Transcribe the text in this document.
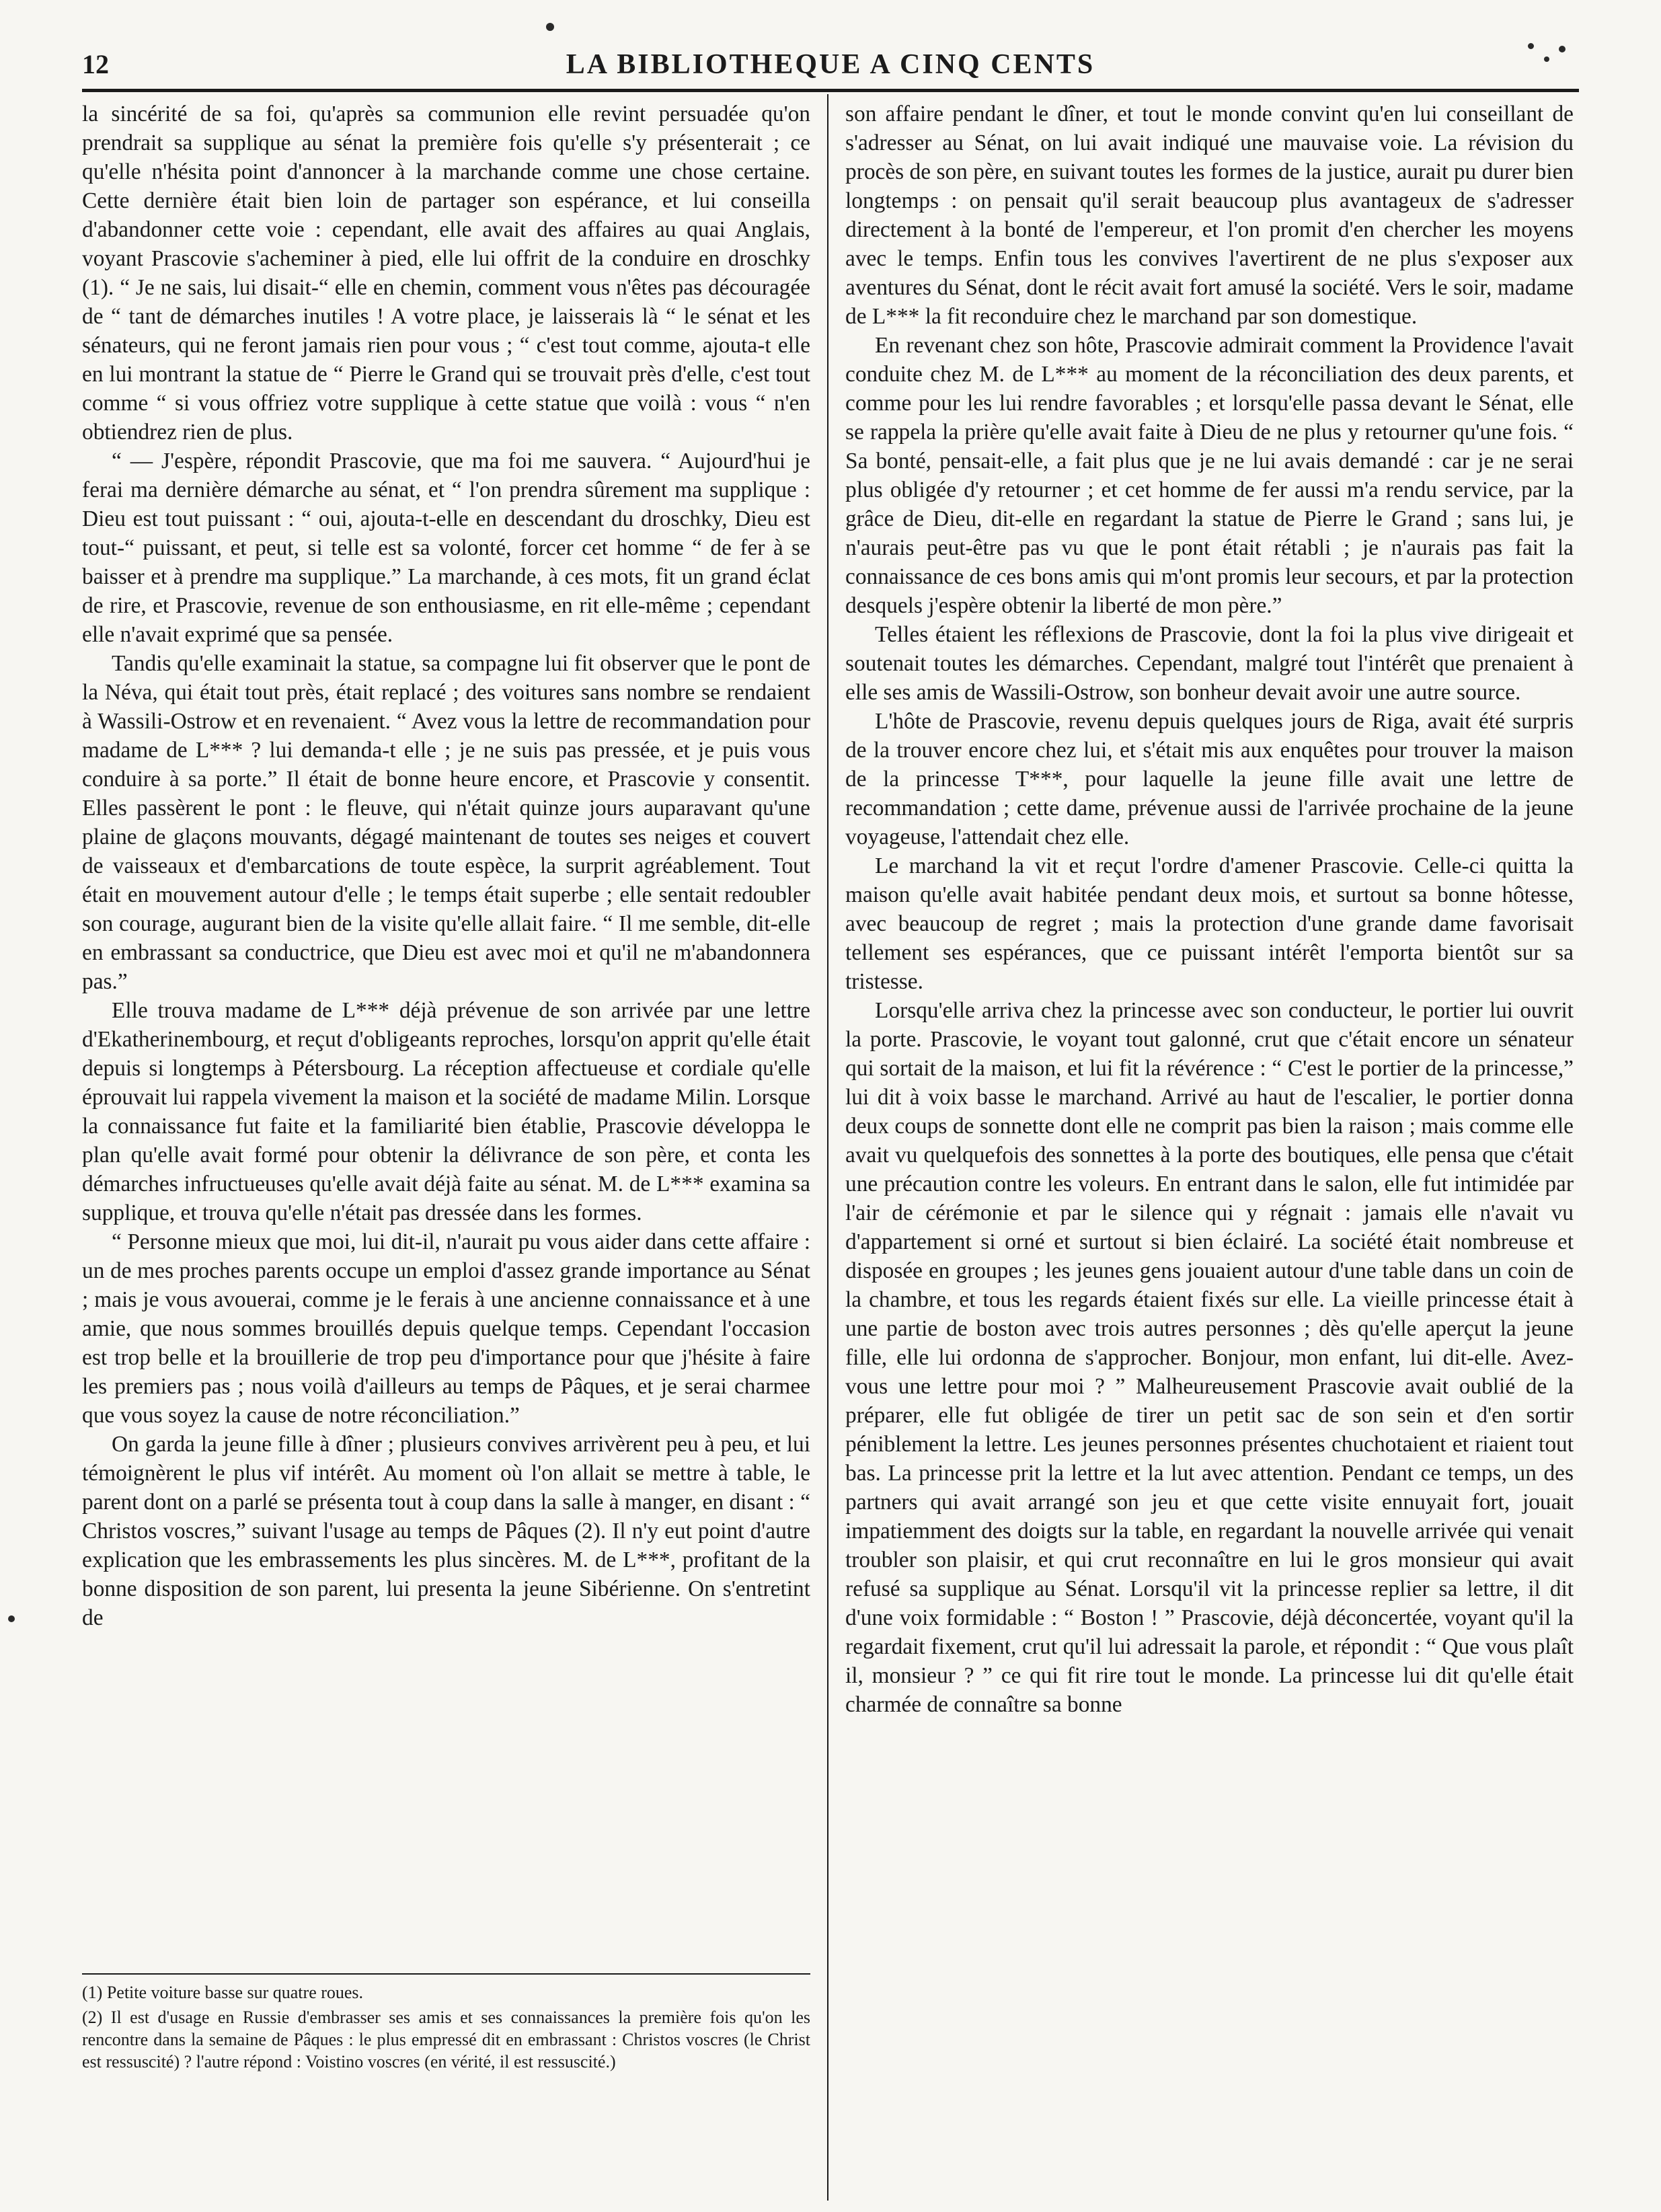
12	LA BIBLIOTHEQUE A CINQ CENTS

la sincérité de sa foi, qu'après sa communion elle revint persuadée qu'on prendrait sa supplique au sénat la première fois qu'elle s'y présenterait ; ce qu'elle n'hésita point d'annoncer à la marchande comme une chose certaine. Cette dernière était bien loin de partager son espérance, et lui conseilla d'abandonner cette voie : cependant, elle avait des affaires au quai Anglais, voyant Prascovie s'acheminer à pied, elle lui offrit de la conduire en droschky (1). “ Je ne sais, lui disait-“ elle en chemin, comment vous n'êtes pas découragée de “ tant de démarches inutiles ! A votre place, je laisserais là “ le sénat et les sénateurs, qui ne feront jamais rien pour vous ; “ c'est tout comme, ajouta-t elle en lui montrant la statue de “ Pierre le Grand qui se trouvait près d'elle, c'est tout comme “ si vous offriez votre supplique à cette statue que voilà : vous “ n'en obtiendrez rien de plus.

“ — J'espère, répondit Prascovie, que ma foi me sauvera. “ Aujourd'hui je ferai ma dernière démarche au sénat, et “ l'on prendra sûrement ma supplique : Dieu est tout puissant : “ oui, ajouta-t-elle en descendant du droschky, Dieu est tout-“ puissant, et peut, si telle est sa volonté, forcer cet homme “ de fer à se baisser et à prendre ma supplique.” La marchande, à ces mots, fit un grand éclat de rire, et Prascovie, revenue de son enthousiasme, en rit elle-même ; cependant elle n'avait exprimé que sa pensée.

Tandis qu'elle examinait la statue, sa compagne lui fit observer que le pont de la Néva, qui était tout près, était replacé ; des voitures sans nombre se rendaient à Wassili-Ostrow et en revenaient. “ Avez vous la lettre de recommandation pour madame de L*** ? lui demanda-t elle ; je ne suis pas pressée, et je puis vous conduire à sa porte.” Il était de bonne heure encore, et Prascovie y consentit. Elles passèrent le pont : le fleuve, qui n'était quinze jours auparavant qu'une plaine de glaçons mouvants, dégagé maintenant de toutes ses neiges et couvert de vaisseaux et d'embarcations de toute espèce, la surprit agréablement. Tout était en mouvement autour d'elle ; le temps était superbe ; elle sentait redoubler son courage, augurant bien de la visite qu'elle allait faire. “ Il me semble, dit-elle en embrassant sa conductrice, que Dieu est avec moi et qu'il ne m'abandonnera pas.”

Elle trouva madame de L*** déjà prévenue de son arrivée par une lettre d'Ekatherinembourg, et reçut d'obligeants reproches, lorsqu'on apprit qu'elle était depuis si longtemps à Pétersbourg. La réception affectueuse et cordiale qu'elle éprouvait lui rappela vivement la maison et la société de madame Milin. Lorsque la connaissance fut faite et la familiarité bien établie, Prascovie développa le plan qu'elle avait formé pour obtenir la délivrance de son père, et conta les démarches infructueuses qu'elle avait déjà faite au sénat. M. de L*** examina sa supplique, et trouva qu'elle n'était pas dressée dans les formes.

“ Personne mieux que moi, lui dit-il, n'aurait pu vous aider dans cette affaire : un de mes proches parents occupe un emploi d'assez grande importance au Sénat ; mais je vous avouerai, comme je le ferais à une ancienne connaissance et à une amie, que nous sommes brouillés depuis quelque temps. Cependant l'occasion est trop belle et la brouillerie de trop peu d'importance pour que j'hésite à faire les premiers pas ; nous voilà d'ailleurs au temps de Pâques, et je serai charmee que vous soyez la cause de notre réconciliation.”

On garda la jeune fille à dîner ; plusieurs convives arrivèrent peu à peu, et lui témoignèrent le plus vif intérêt. Au moment où l'on allait se mettre à table, le parent dont on a parlé se présenta tout à coup dans la salle à manger, en disant : “ Christos voscres,” suivant l'usage au temps de Pâques (2). Il n'y eut point d'autre explication que les embrassements les plus sincères. M. de L***, profitant de la bonne disposition de son parent, lui presenta la jeune Sibérienne. On s'entretint de

(1) Petite voiture basse sur quatre roues.

(2) Il est d'usage en Russie d'embrasser ses amis et ses connaissances la première fois qu'on les rencontre dans la semaine de Pâques : le plus empressé dit en embrassant : Christos voscres (le Christ est ressuscité) ? l'autre répond : Voistino voscres (en vérité, il est ressuscité.)

son affaire pendant le dîner, et tout le monde convint qu'en lui conseillant de s'adresser au Sénat, on lui avait indiqué une mauvaise voie. La révision du procès de son père, en suivant toutes les formes de la justice, aurait pu durer bien longtemps : on pensait qu'il serait beaucoup plus avantageux de s'adresser directement à la bonté de l'empereur, et l'on promit d'en chercher les moyens avec le temps. Enfin tous les convives l'avertirent de ne plus s'exposer aux aventures du Sénat, dont le récit avait fort amusé la société. Vers le soir, madame de L*** la fit reconduire chez le marchand par son domestique.

En revenant chez son hôte, Prascovie admirait comment la Providence l'avait conduite chez M. de L*** au moment de la réconciliation des deux parents, et comme pour les lui rendre favorables ; et lorsqu'elle passa devant le Sénat, elle se rappela la prière qu'elle avait faite à Dieu de ne plus y retourner qu'une fois. “ Sa bonté, pensait-elle, a fait plus que je ne lui avais demandé : car je ne serai plus obligée d'y retourner ; et cet homme de fer aussi m'a rendu service, par la grâce de Dieu, dit-elle en regardant la statue de Pierre le Grand ; sans lui, je n'aurais peut-être pas vu que le pont était rétabli ; je n'aurais pas fait la connaissance de ces bons amis qui m'ont promis leur secours, et par la protection desquels j'espère obtenir la liberté de mon père.”

Telles étaient les réflexions de Prascovie, dont la foi la plus vive dirigeait et soutenait toutes les démarches. Cependant, malgré tout l'intérêt que prenaient à elle ses amis de Wassili-Ostrow, son bonheur devait avoir une autre source.

L'hôte de Prascovie, revenu depuis quelques jours de Riga, avait été surpris de la trouver encore chez lui, et s'était mis aux enquêtes pour trouver la maison de la princesse T***, pour laquelle la jeune fille avait une lettre de recommandation ; cette dame, prévenue aussi de l'arrivée prochaine de la jeune voyageuse, l'attendait chez elle.

Le marchand la vit et reçut l'ordre d'amener Prascovie. Celle-ci quitta la maison qu'elle avait habitée pendant deux mois, et surtout sa bonne hôtesse, avec beaucoup de regret ; mais la protection d'une grande dame favorisait tellement ses espérances, que ce puissant intérêt l'emporta bientôt sur sa tristesse.

Lorsqu'elle arriva chez la princesse avec son conducteur, le portier lui ouvrit la porte. Prascovie, le voyant tout galonné, crut que c'était encore un sénateur qui sortait de la maison, et lui fit la révérence : “ C'est le portier de la princesse,” lui dit à voix basse le marchand. Arrivé au haut de l'escalier, le portier donna deux coups de sonnette dont elle ne comprit pas bien la raison ; mais comme elle avait vu quelquefois des sonnettes à la porte des boutiques, elle pensa que c'était une précaution contre les voleurs. En entrant dans le salon, elle fut intimidée par l'air de cérémonie et par le silence qui y régnait : jamais elle n'avait vu d'appartement si orné et surtout si bien éclairé. La société était nombreuse et disposée en groupes ; les jeunes gens jouaient autour d'une table dans un coin de la chambre, et tous les regards étaient fixés sur elle. La vieille princesse était à une partie de boston avec trois autres personnes ; dès qu'elle aperçut la jeune fille, elle lui ordonna de s'approcher. Bonjour, mon enfant, lui dit-elle. Avez-vous une lettre pour moi ? ” Malheureusement Prascovie avait oublié de la préparer, elle fut obligée de tirer un petit sac de son sein et d'en sortir péniblement la lettre. Les jeunes personnes présentes chuchotaient et riaient tout bas. La princesse prit la lettre et la lut avec attention. Pendant ce temps, un des partners qui avait arrangé son jeu et que cette visite ennuyait fort, jouait impatiemment des doigts sur la table, en regardant la nouvelle arrivée qui venait troubler son plaisir, et qui crut reconnaître en lui le gros monsieur qui avait refusé sa supplique au Sénat. Lorsqu'il vit la princesse replier sa lettre, il dit d'une voix formidable : “ Boston ! ” Prascovie, déjà déconcertée, voyant qu'il la regardait fixement, crut qu'il lui adressait la parole, et répondit : “ Que vous plaît il, monsieur ? ” ce qui fit rire tout le monde. La princesse lui dit qu'elle était charmée de connaître sa bonne
